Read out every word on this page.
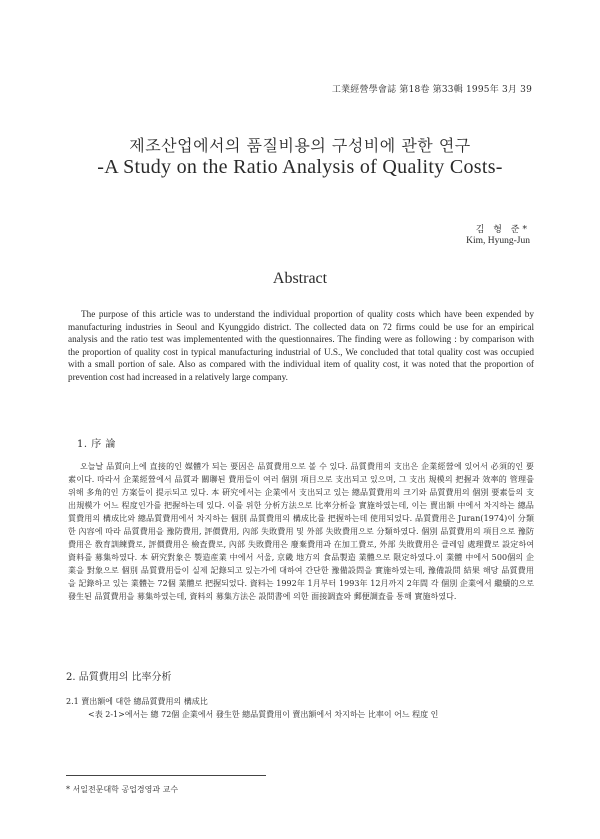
工業經營學會誌 第18卷 第33輯 1995年 3月 39
제조산업에서의 품질비용의 구성비에 관한 연구
-A Study on the Ratio Analysis of Quality Costs-
김 형 준*
Kim, Hyung-Jun
Abstract
The purpose of this article was to understand the individual proportion of quality costs which have been expended by manufacturing industries in Seoul and Kyunggido district. The collected data on 72 firms could be use for an empirical analysis and the ratio test was implementented with the questionnaires. The finding were as following : by comparison with the proportion of quality cost in typical manufacturing industrial of U.S., We concluded that total quality cost was occupied with a small portion of sale. Also as compared with the individual item of quality cost, it was noted that the proportion of prevention cost had increased in a relatively large company.
1. 序 論
오늘날 品質向上에 直接的인 媒體가 되는 要因은 品質費用으로 볼 수 있다. 品質費用의 支出은 企業經營에 있어서 必須的인 要素이다. 따라서 企業經營에서 品質과 關聯된 費用들이 여러 個別 項目으로 支出되고 있으며, 그 支出 規模의 把握과 效率的 管理를 위해 多角的인 方案들이 提示되고 있다. 本 硏究에서는 企業에서 支出되고 있는 總品質費用의 크기와 品質費用의 個別 要素들의 支出規模가 어느 程度인가를 把握하는데 있다. 이를 위한 分析方法으로 比率分析을 實施하였는데, 이는 賣出額 中에서 차지하는 總品質費用의 構成比와 總品質費用에서 차지하는 個別 品質費用의 構成比를 把握하는데 使用되었다. 品質費用은 Juran(1974)이 分類한 內容에 따라 品質費用을 豫防費用, 評價費用, 內部 失敗費用 및 外部 失敗費用으로 分類하였다. 個別 品質費用의 項目으로 豫防費用은 敎育訓練費로, 評價費用은 檢査費로, 內部 失敗費用은 廢棄費用과 在加工費로, 外部 失敗費用은 클레임 處理費로 設定하여 資料를 募集하였다. 本 硏究對象은 製造産業 中에서 서울, 京畿 地方의 食品製造 業體으로 限定하였다.이 業體 中에서 500個의 企業을 對象으로 個別 品質費用들이 실제 記錄되고 있는가에 대하여 간단한 豫備設問을 實施하였는데, 豫備設問 結果 해당 品質費用을 記錄하고 있는 業體는 72個 業體로 把握되었다. 資料는 1992年 1月부터 1993年 12月까지 2年間 각 個別 企業에서 繼續的으로 發生된 品質費用을 募集하였는데, 資料의 募集方法은 設問書에 의한 面接調査와 郵便調査를 통해 實施하였다.
2. 品質費用의 比率分析
2.1 賣出額에 대한 總品質費用의 構成比
<表 2-1>에서는 總 72個 企業에서 發生한 總品質費用이 賣出額에서 차지하는 比率이 어느 程度 인
* 서일전문대학 공업경영과 교수
